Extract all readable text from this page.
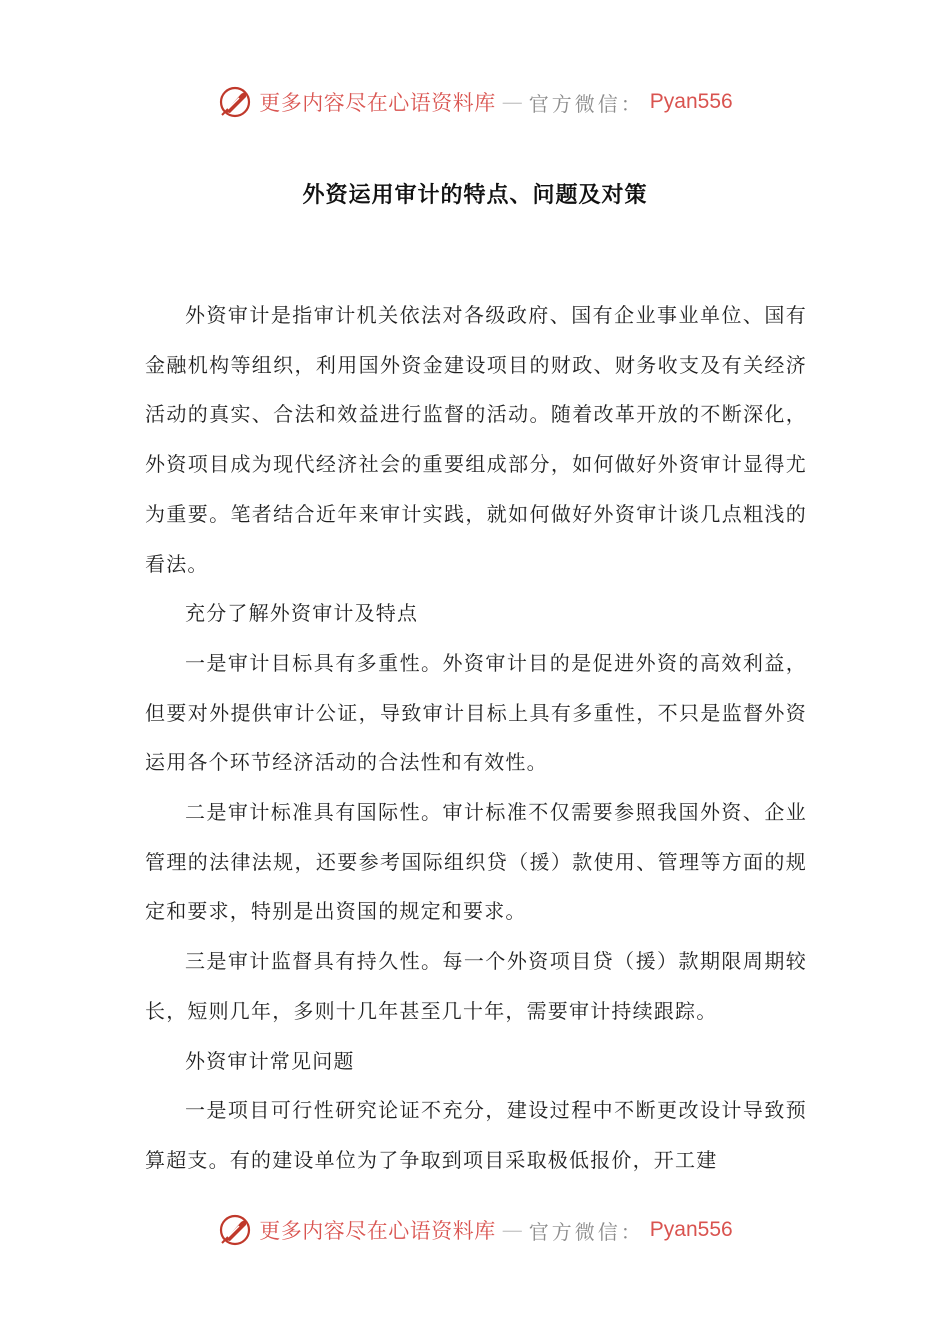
更多内容尽在心语资料库 — 官方微信： Pyan556
外资运用审计的特点、问题及对策

外资审计是指审计机关依法对各级政府、国有企业事业单位、国有金融机构等组织，利用国外资金建设项目的财政、财务收支及有关经济活动的真实、合法和效益进行监督的活动。随着改革开放的不断深化，外资项目成为现代经济社会的重要组成部分，如何做好外资审计显得尤为重要。笔者结合近年来审计实践，就如何做好外资审计谈几点粗浅的看法。

充分了解外资审计及特点

一是审计目标具有多重性。外资审计目的是促进外资的高效利益，但要对外提供审计公证，导致审计目标上具有多重性，不只是监督外资运用各个环节经济活动的合法性和有效性。

二是审计标准具有国际性。审计标准不仅需要参照我国外资、企业管理的法律法规，还要参考国际组织贷（援）款使用、管理等方面的规定和要求，特别是出资国的规定和要求。

三是审计监督具有持久性。每一个外资项目贷（援）款期限周期较长，短则几年，多则十几年甚至几十年，需要审计持续跟踪。

外资审计常见问题

一是项目可行性研究论证不充分，建设过程中不断更改设计导致预算超支。有的建设单位为了争取到项目采取极低报价，开工建

更多内容尽在心语资料库 — 官方微信： Pyan556
